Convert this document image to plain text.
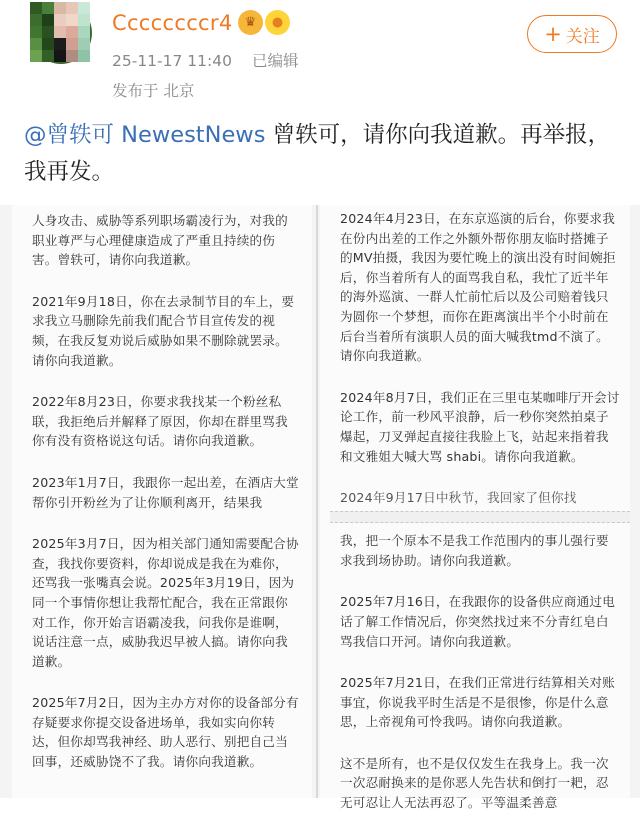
Ccccccccr4 ♛	●
25-11-17 11:40 已编辑
发布于 北京
+ 关注
@曾轶可 NewestNews 曾轶可，请你向我道歉。再举报，我再发。
人身攻击、威胁等系列职场霸凌行为，对我的职业尊严与心理健康造成了严重且持续的伤害。曾轶可，请你向我道歉。
2021年9月18日，你在去录制节目的车上，要求我立马删除先前我们配合节目宣传发的视频，在我反复劝说后威胁如果不删除就罢录。请你向我道歉。
2022年8月23日，你要求我找某一个粉丝私联，我拒绝后并解释了原因，你却在群里骂我你有没有资格说这句话。请你向我道歉。
2023年1月7日，我跟你一起出差，在酒店大堂帮你引开粉丝为了让你顺利离开，结果我
2025年3月7日，因为相关部门通知需要配合协查，我找你要资料，你却说成是我在为难你，还骂我一张嘴真会说。2025年3月19日，因为同一个事情你想让我帮忙配合，我在正常跟你对工作，你开始言语霸凌我，问我你是谁啊，说话注意一点，威胁我迟早被人搞。请你向我道歉。
2025年7月2日，因为主办方对你的设备部分有存疑要求你提交设备进场单，我如实向你转达，但你却骂我神经、助人恶行、别把自己当回事，还威胁饶不了我。请你向我道歉。
2024年4月23日，在东京巡演的后台，你要求我在份内出差的工作之外额外帮你朋友临时搭摊子的MV拍摄，我因为要忙晚上的演出没有时间婉拒后，你当着所有人的面骂我自私，我忙了近半年的海外巡演、一群人忙前忙后以及公司赔着钱只为圆你一个梦想，而你在距离演出半个小时前在后台当着所有演职人员的面大喊我tmd不演了。请你向我道歉。
2024年8月7日，我们正在三里屯某咖啡厅开会讨论工作，前一秒风平浪静，后一秒你突然拍桌子爆起，刀叉弹起直接往我脸上飞，站起来指着我和文雅姐大喊大骂 shabi。请你向我道歉。
2024年9月17日中秋节，我回家了但你找
我，把一个原本不是我工作范围内的事儿强行要求我到场协助。请你向我道歉。
2025年7月16日，在我跟你的设备供应商通过电话了解工作情况后，你突然找过来不分青红皂白骂我信口开河。请你向我道歉。
2025年7月21日，在我们正常进行结算相关对账事宜，你说我平时生活是不是很惨，你是什么意思，上帝视角可怜我吗。请你向我道歉。
这不是所有，也不是仅仅发生在我身上。我一次一次忍耐换来的是你恶人先告状和倒打一耙，忍无可忍让人无法再忍了。平等温柔善意
